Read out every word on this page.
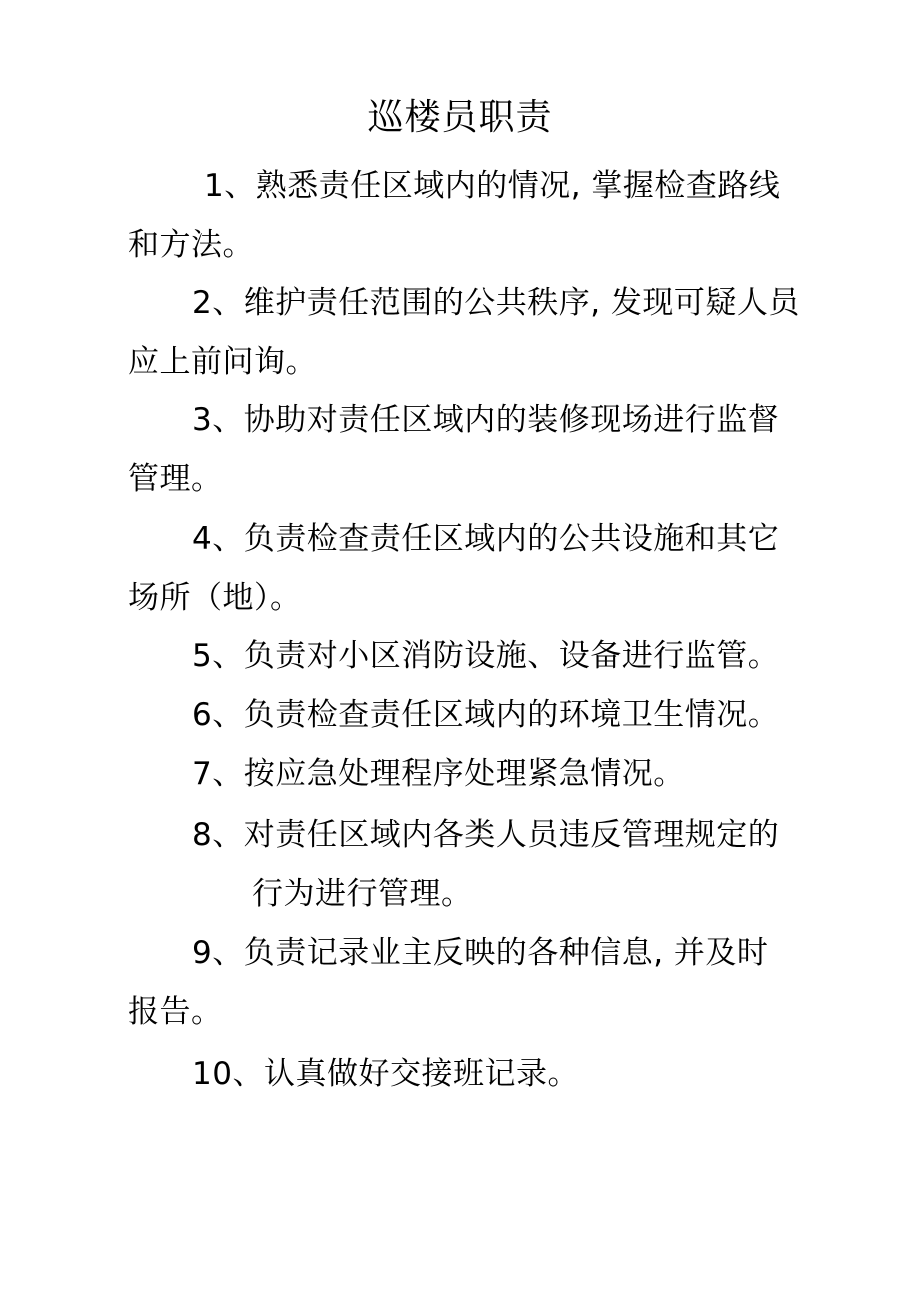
巡楼员职责
1、熟悉责任区域内的情况, 掌握检查路线
和方法。
2、维护责任范围的公共秩序, 发现可疑人员
应上前问询。
3、协助对责任区域内的装修现场进行监督
管理。
4、负责检查责任区域内的公共设施和其它
场所（地）。
5、负责对小区消防设施、设备进行监管。
6、负责检查责任区域内的环境卫生情况。
7、按应急处理程序处理紧急情况。
8、对责任区域内各类人员违反管理规定的
行为进行管理。
9、负责记录业主反映的各种信息, 并及时
报告。
10、认真做好交接班记录。
